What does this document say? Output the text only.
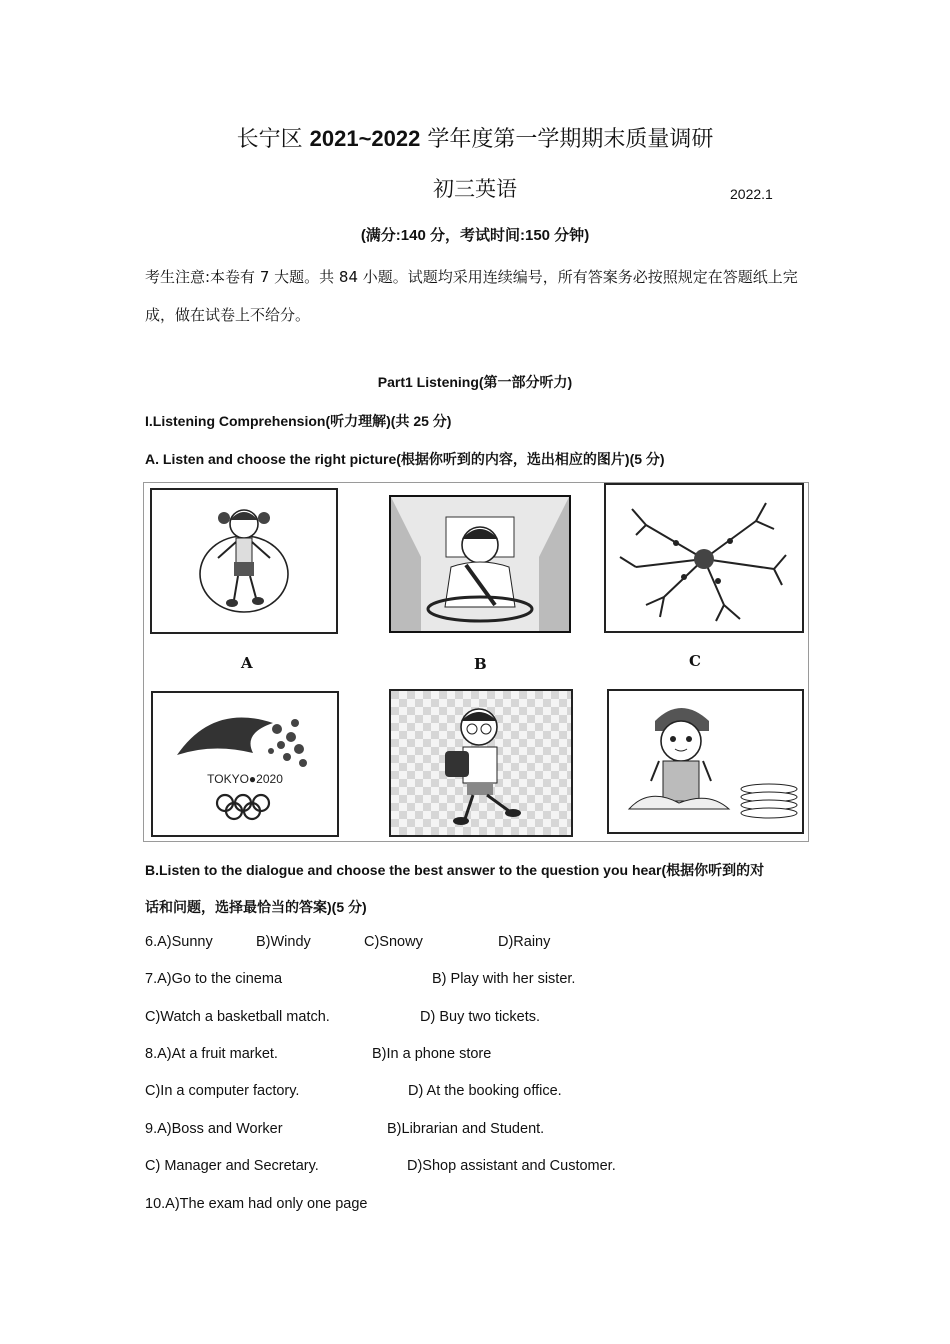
长宁区 2021~2022 学年度第一学期期末质量调研
初三英语	2022.1
(满分:140 分，考试时间:150 分钟)
考生注意:本卷有 7 大题。共 84 小题。试题均采用连续编号，所有答案务必按照规定在答题纸上完成，做在试卷上不给分。
Part1 Listening(第一部分听力)
I.Listening Comprehension(听力理解)(共 25 分)
A. Listen and choose the right picture(根据你听到的内容，选出相应的图片)(5 分)
A	B	C
TOKYO●2020
B.Listen to the dialogue and choose the best answer to the question you hear(根据你听到的对
话和问题，选择最恰当的答案)(5 分)
6.A)Sunny	B)Windy	C)Snowy	D)Rainy
7.A)Go to the cinema	B) Play with her sister.
C)Watch a basketball match.	D) Buy two tickets.
8.A)At a fruit market.	B)In a phone store
C)In a computer factory.	D) At the booking office.
9.A)Boss and Worker	B)Librarian and Student.
C) Manager and Secretary.	D)Shop assistant and Customer.
10.A)The exam had only one page
